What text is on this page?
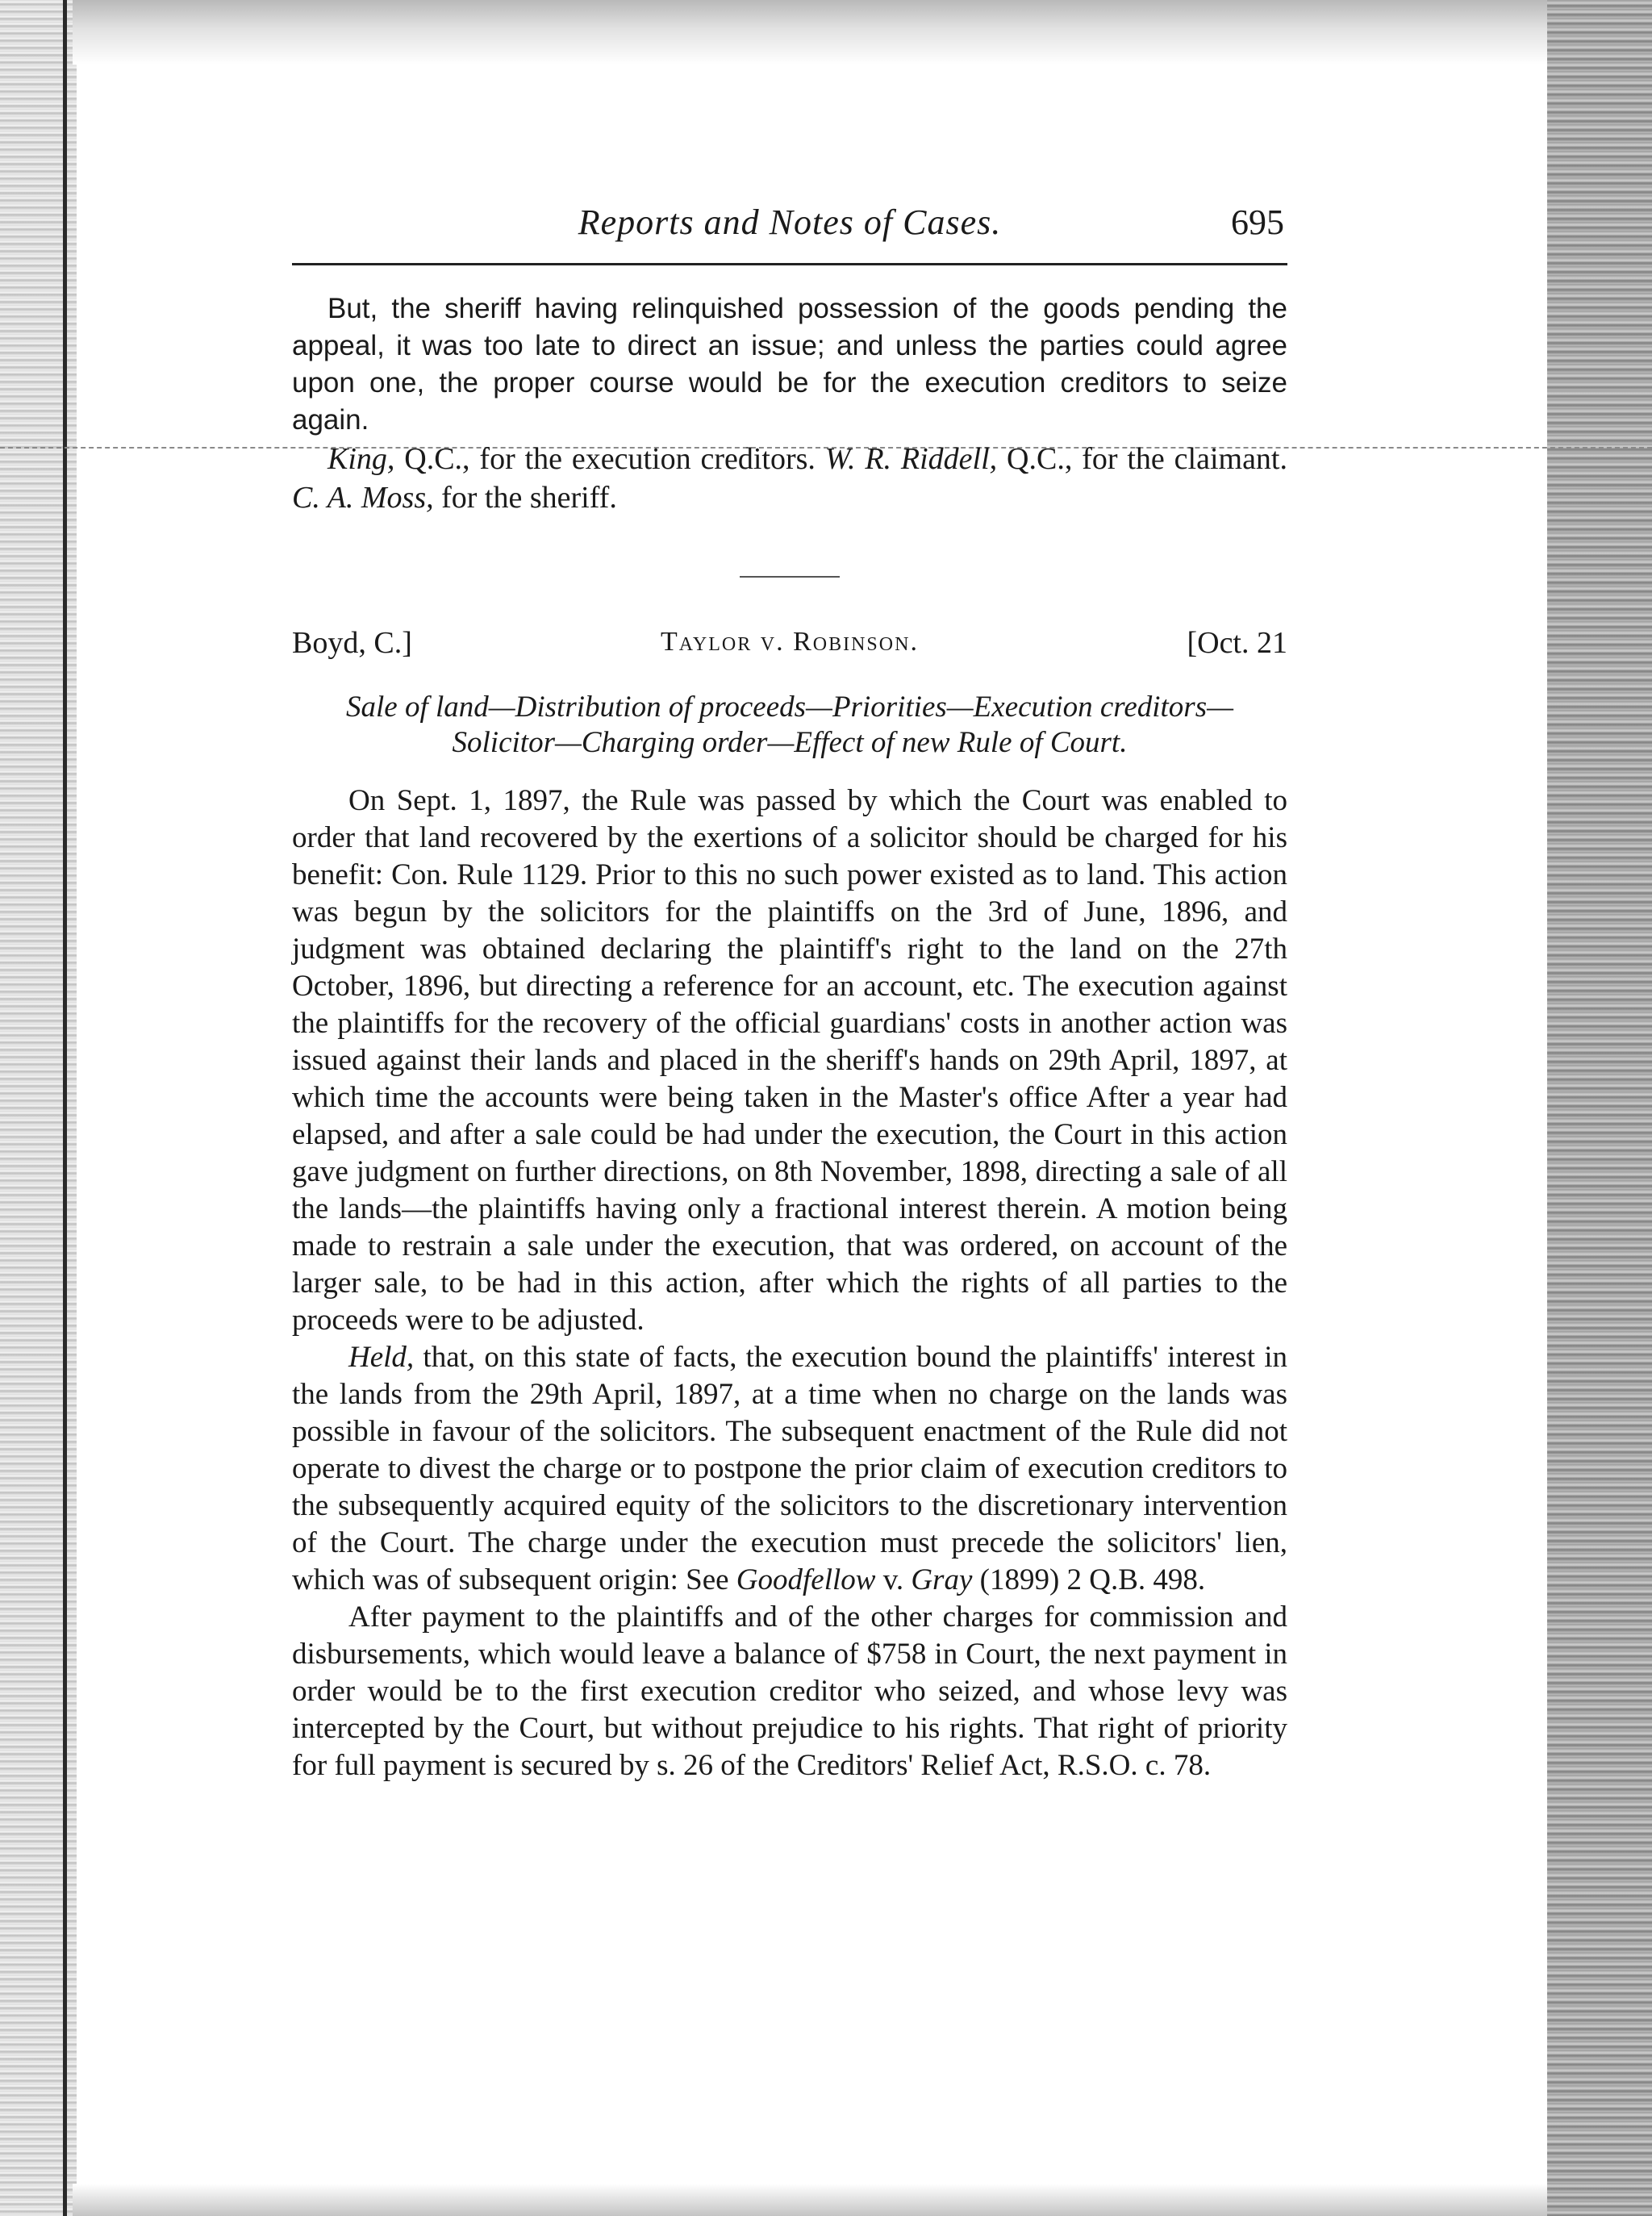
Reports and Notes of Cases.	695

But, the sheriff having relinquished possession of the goods pending the appeal, it was too late to direct an issue; and unless the parties could agree upon one, the proper course would be for the execution creditors to seize again.

King, Q.C., for the execution creditors. W. R. Riddell, Q.C., for the claimant. C. A. Moss, for the sheriff.

Boyd, C.]	Taylor v. Robinson.	[Oct. 21
Sale of land—Distribution of proceeds—Priorities—Execution creditors—
Solicitor—Charging order—Effect of new Rule of Court.

On Sept. 1, 1897, the Rule was passed by which the Court was enabled to order that land recovered by the exertions of a solicitor should be charged for his benefit: Con. Rule 1129. Prior to this no such power existed as to land. This action was begun by the solicitors for the plaintiffs on the 3rd of June, 1896, and judgment was obtained declaring the plaintiff's right to the land on the 27th October, 1896, but directing a reference for an account, etc. The execution against the plaintiffs for the recovery of the official guardians' costs in another action was issued against their lands and placed in the sheriff's hands on 29th April, 1897, at which time the accounts were being taken in the Master's office After a year had elapsed, and after a sale could be had under the execution, the Court in this action gave judgment on further directions, on 8th November, 1898, directing a sale of all the lands—the plaintiffs having only a fractional interest therein. A motion being made to restrain a sale under the execution, that was ordered, on account of the larger sale, to be had in this action, after which the rights of all parties to the proceeds were to be adjusted.

Held, that, on this state of facts, the execution bound the plaintiffs' interest in the lands from the 29th April, 1897, at a time when no charge on the lands was possible in favour of the solicitors. The subsequent enactment of the Rule did not operate to divest the charge or to postpone the prior claim of execution creditors to the subsequently acquired equity of the solicitors to the discretionary intervention of the Court. The charge under the execution must precede the solicitors' lien, which was of subsequent origin: See Goodfellow v. Gray (1899) 2 Q.B. 498.

After payment to the plaintiffs and of the other charges for commission and disbursements, which would leave a balance of $758 in Court, the next payment in order would be to the first execution creditor who seized, and whose levy was intercepted by the Court, but without prejudice to his rights. That right of priority for full payment is secured by s. 26 of the Creditors' Relief Act, R.S.O. c. 78.
